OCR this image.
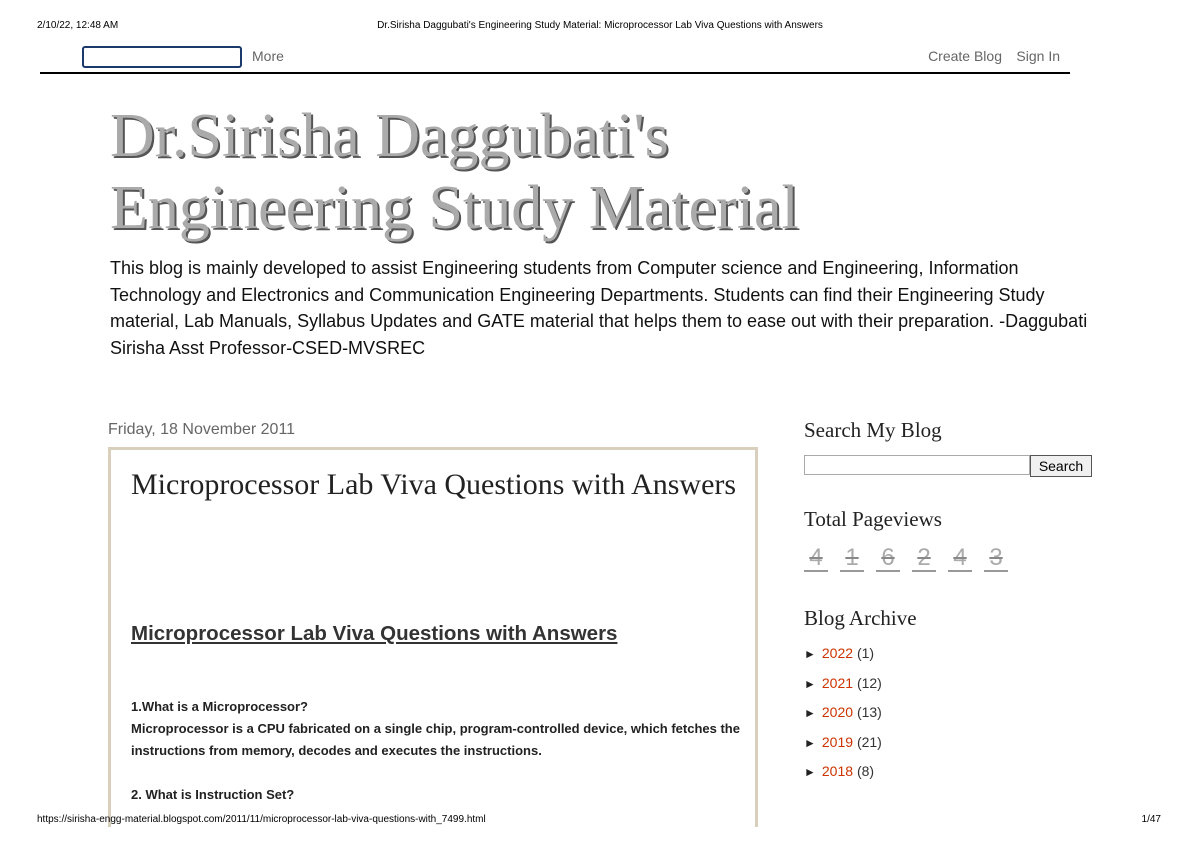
2/10/22, 12:48 AM	Dr.Sirisha Daggubati's Engineering Study Material: Microprocessor Lab Viva Questions with Answers
More	Create Blog Sign In
Dr.Sirisha Daggubati's
Engineering Study Material
This blog is mainly developed to assist Engineering students from Computer science and Engineering, Information Technology and Electronics and Communication Engineering Departments. Students can find their Engineering Study material, Lab Manuals, Syllabus Updates and GATE material that helps them to ease out with their preparation. -Daggubati Sirisha Asst Professor-CSED-MVSREC
Friday, 18 November 2011
Microprocessor Lab Viva Questions with Answers
Microprocessor Lab Viva Questions with Answers
1.What is a Microprocessor?
Microprocessor is a CPU fabricated on a single chip, program-controlled device, which fetches the instructions from memory, decodes and executes the instructions.
2. What is Instruction Set?
Search My Blog
Search
Total Pageviews
4 1 6 2 4 3
Blog Archive
► 2022 (1)
► 2021 (12)
► 2020 (13)
► 2019 (21)
► 2018 (8)
https://sirisha-engg-material.blogspot.com/2011/11/microprocessor-lab-viva-questions-with_7499.html	1/47
